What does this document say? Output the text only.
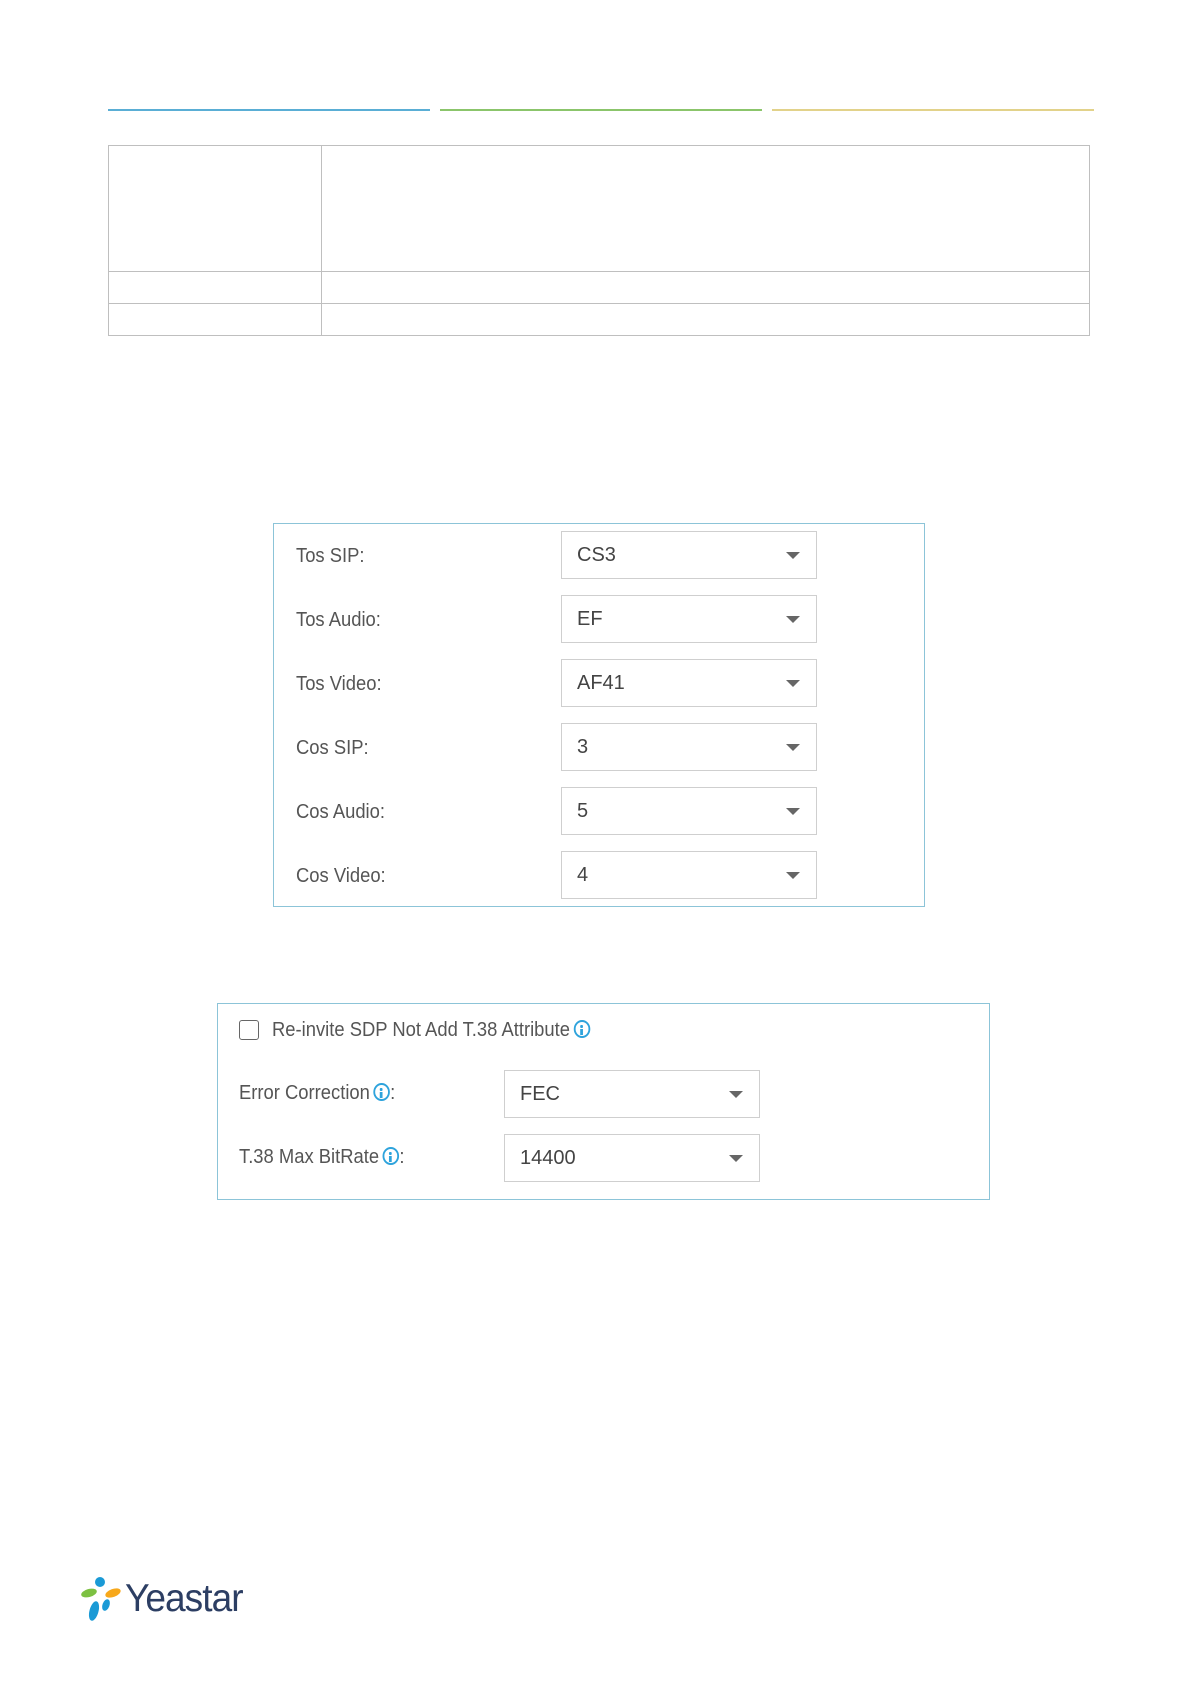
Tos SIP:	CS3
Tos Audio:	EF
Tos Video:	AF41
Cos SIP:	3
Cos Audio:	5
Cos Video:	4
Re-invite SDP Not Add T.38 Attribute
Error Correction :	FEC
T.38 Max BitRate :	14400
Yeastar
